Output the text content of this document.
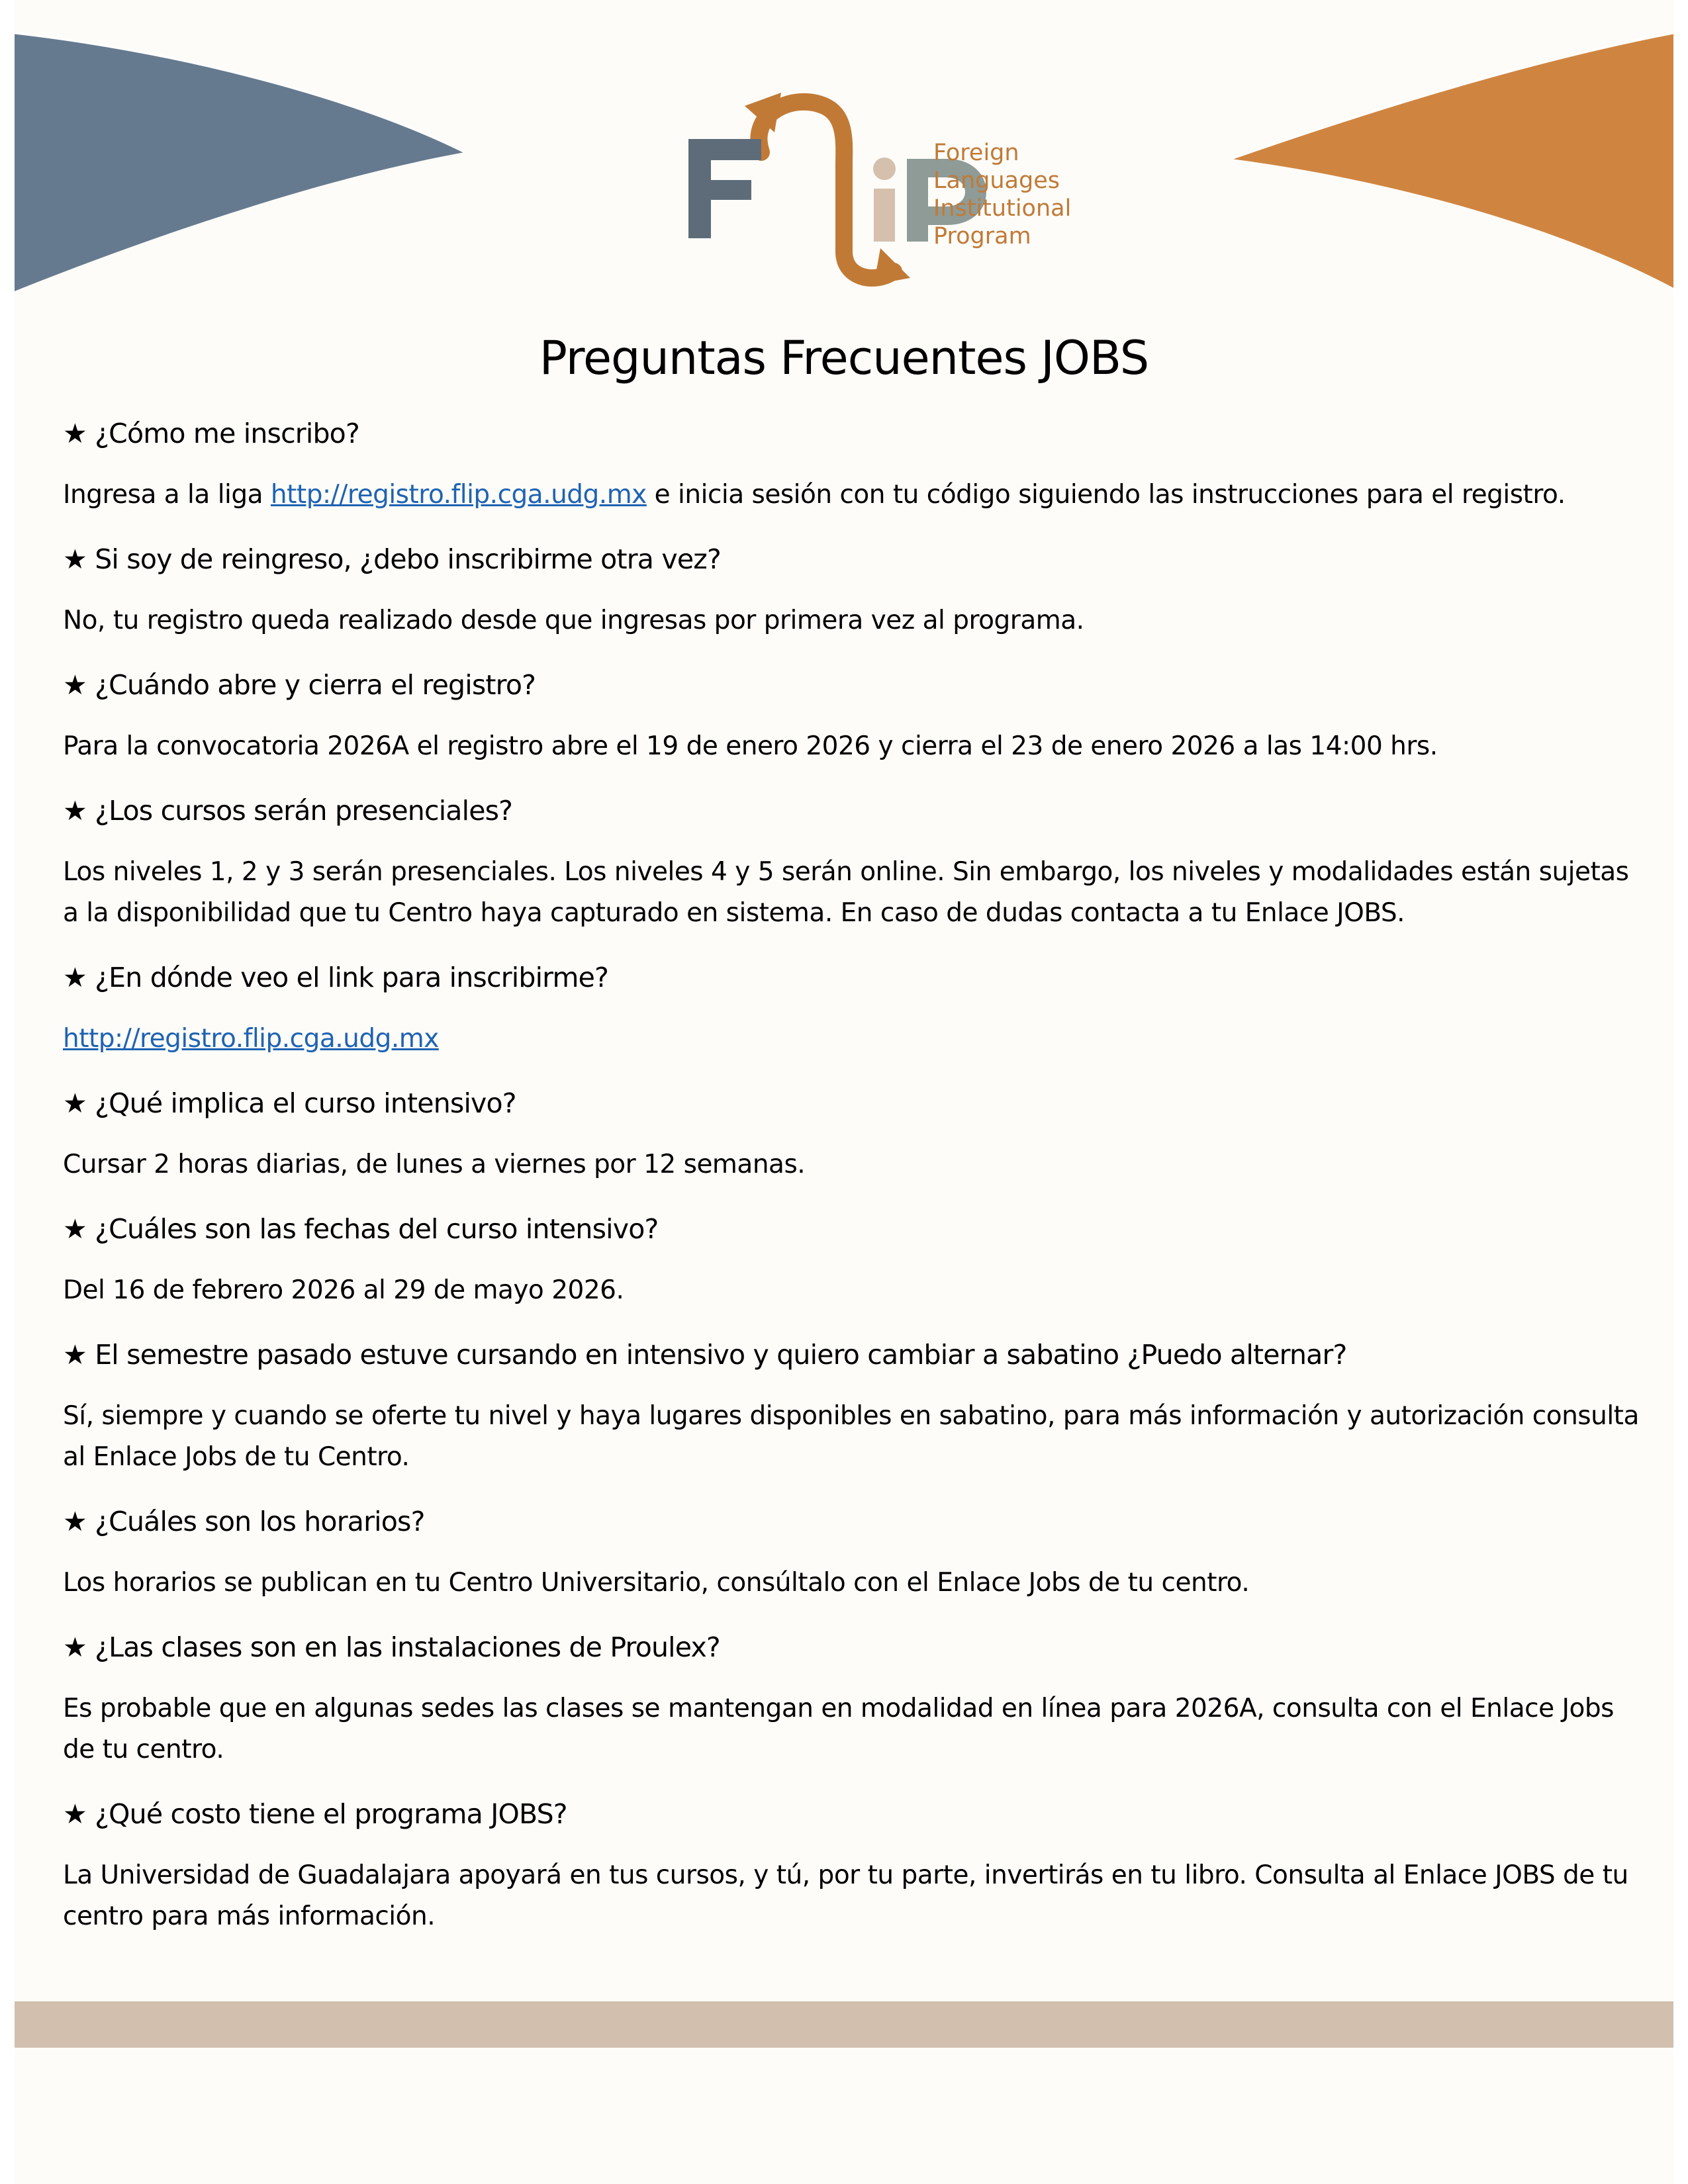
Foreign
Languages
Institutional
Program
Preguntas Frecuentes JOBS

★ ¿Cómo me inscribo?

Ingresa a la liga http://registro.flip.cga.udg.mx e inicia sesión con tu código siguiendo las instrucciones para el registro.

★ Si soy de reingreso, ¿debo inscribirme otra vez?

No, tu registro queda realizado desde que ingresas por primera vez al programa.

★ ¿Cuándo abre y cierra el registro?

Para la convocatoria 2026A el registro abre el 19 de enero 2026 y cierra el 23 de enero 2026 a las 14:00 hrs.

★ ¿Los cursos serán presenciales?

Los niveles 1, 2 y 3 serán presenciales. Los niveles 4 y 5 serán online. Sin embargo, los niveles y modalidades están sujetas
a la disponibilidad que tu Centro haya capturado en sistema. En caso de dudas contacta a tu Enlace JOBS.

★ ¿En dónde veo el link para inscribirme?

http://registro.flip.cga.udg.mx

★ ¿Qué implica el curso intensivo?

Cursar 2 horas diarias, de lunes a viernes por 12 semanas.

★ ¿Cuáles son las fechas del curso intensivo?

Del 16 de febrero 2026 al 29 de mayo 2026.

★ El semestre pasado estuve cursando en intensivo y quiero cambiar a sabatino ¿Puedo alternar?

Sí, siempre y cuando se oferte tu nivel y haya lugares disponibles en sabatino, para más información y autorización consulta
al Enlace Jobs de tu Centro.

★ ¿Cuáles son los horarios?

Los horarios se publican en tu Centro Universitario, consúltalo con el Enlace Jobs de tu centro.

★ ¿Las clases son en las instalaciones de Proulex?

Es probable que en algunas sedes las clases se mantengan en modalidad en línea para 2026A, consulta con el Enlace Jobs
de tu centro.

★ ¿Qué costo tiene el programa JOBS?

La Universidad de Guadalajara apoyará en tus cursos, y tú, por tu parte, invertirás en tu libro. Consulta al Enlace JOBS de tu
centro para más información.
